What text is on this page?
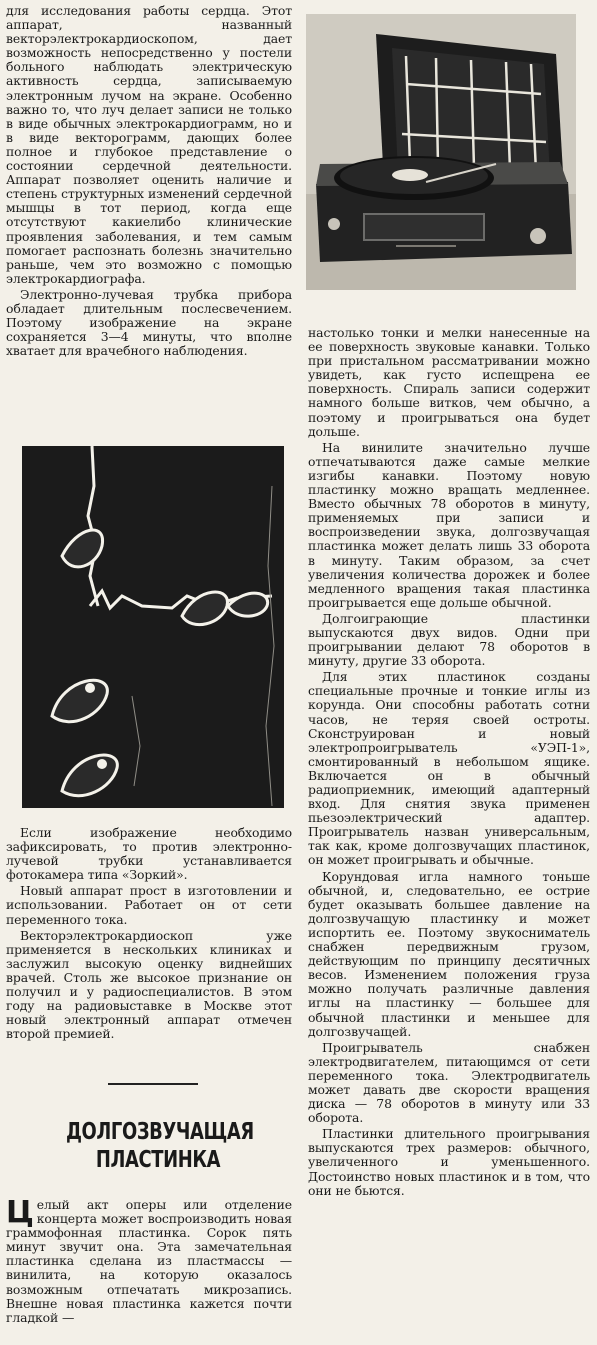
для исследования работы сердца. Этот аппарат, названный векторэлектрокардиоскопом, дает возможность непосредственно у постели больного наблюдать электрическую активность сердца, записываемую электронным лучом на экране. Особенно важно то, что луч делает записи не только в виде обычных электрокардиограмм, но и в виде векторограмм, дающих более полное и глубокое представление о состоянии сердечной деятельности. Аппарат позволяет оценить наличие и степень структурных изменений сердечной мышцы в тот период, когда еще отсутствуют какиелибо клинические проявления заболевания, и тем самым помогает распознать болезнь значительно раньше, чем это возможно с помощью электрокардиографа.

Электронно-лучевая трубка прибора обладает длительным послесвечением. Поэтому изображение на экране сохраняется 3—4 минуты, что вполне хватает для врачебного наблюдения.

Если изображение необходимо зафиксировать, то против электронно-лучевой трубки устанавливается фотокамера типа «Зоркий».

Новый аппарат прост в изготовлении и использовании. Работает он от сети переменного тока.

Векторэлектрокардиоскоп уже применяется в нескольких клиниках и заслужил высокую оценку виднейших врачей. Столь же высокое признание он получил и у радиоспециалистов. В этом году на радиовыставке в Москве этот новый электронный аппарат отмечен второй премией.

ДОЛГОЗВУЧАЩАЯ
ПЛАСТИНКА

Ц елый акт оперы или отделение концерта может воспроизводить новая граммофонная пластинка. Сорок пять минут звучит она. Эта замечательная пластинка сделана из пластмассы — винилита, на которую оказалось возможным отпечатать микрозапись. Внешне новая пластинка кажется почти гладкой —

настолько тонки и мелки нанесенные на ее поверхность звуковые канавки. Только при пристальном рассматривании можно увидеть, как густо испещрена ее поверхность. Спираль записи содержит намного больше витков, чем обычно, а поэтому и проигрываться она будет дольше.

На винилите значительно лучше отпечатываются даже самые мелкие изгибы канавки. Поэтому новую пластинку можно вращать медленнее. Вместо обычных 78 оборотов в минуту, применяемых при записи и воспроизведении звука, долгозвучащая пластинка может делать лишь 33 оборота в минуту. Таким образом, за счет увеличения количества дорожек и более медленного вращения такая пластинка проигрывается еще дольше обычной.

Долгоиграющие пластинки выпускаются двух видов. Одни при проигрывании делают 78 оборотов в минуту, другие 33 оборота.

Для этих пластинок созданы специальные прочные и тонкие иглы из корунда. Они способны работать сотни часов, не теряя своей остроты. Сконструирован и новый электропроигрыватель «УЭП-1», смонтированный в небольшом ящике. Включается он в обычный радиоприемник, имеющий адаптерный вход. Для снятия звука применен пьезоэлектрический адаптер. Проигрыватель назван универсальным, так как, кроме долгозвучащих пластинок, он может проигрывать и обычные.

Корундовая игла намного тоньше обычной, и, следовательно, ее острие будет оказывать большее давление на долгозвучащую пластинку и может испортить ее. Поэтому звукосниматель снабжен передвижным грузом, действующим по принципу десятичных весов. Изменением положения груза можно получать различные давления иглы на пластинку — большее для обычной пластинки и меньшее для долгозвучащей.

Проигрыватель снабжен электродвигателем, питающимся от сети переменного тока. Электродвигатель может давать две скорости вращения диска — 78 оборотов в минуту или 33 оборота.

Пластинки длительного проигрывания выпускаются трех размеров: обычного, увеличенного и уменьшенного. Достоинство новых пластинок и в том, что они не бьются.
